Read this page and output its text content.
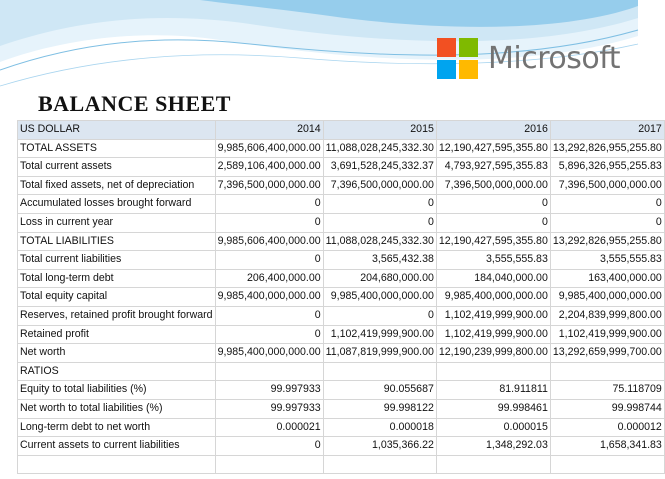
Microsoft
BALANCE SHEET
US DOLLAR	2014	2015	2016	2017
TOTAL ASSETS	9,985,606,400,000.00	11,088,028,245,332.30	12,190,427,595,355.80	13,292,826,955,255.80
Total current assets	2,589,106,400,000.00	3,691,528,245,332.37	4,793,927,595,355.83	5,896,326,955,255.83
Total fixed assets, net of depreciation	7,396,500,000,000.00	7,396,500,000,000.00	7,396,500,000,000.00	7,396,500,000,000.00
Accumulated losses brought forward	0	0	0	0
Loss in current year	0	0	0	0
TOTAL LIABILITIES	9,985,606,400,000.00	11,088,028,245,332.30	12,190,427,595,355.80	13,292,826,955,255.80
Total current liabilities	0	3,565,432.38	3,555,555.83	3,555,555.83
Total long-term debt	206,400,000.00	204,680,000.00	184,040,000.00	163,400,000.00
Total equity capital	9,985,400,000,000.00	9,985,400,000,000.00	9,985,400,000,000.00	9,985,400,000,000.00
Reserves, retained profit brought forward	0	0	1,102,419,999,900.00	2,204,839,999,800.00
Retained profit	0	1,102,419,999,900.00	1,102,419,999,900.00	1,102,419,999,900.00
Net worth	9,985,400,000,000.00	11,087,819,999,900.00	12,190,239,999,800.00	13,292,659,999,700.00
RATIOS				
Equity to total liabilities (%)	99.997933	90.055687	81.911811	75.118709
Net worth to total liabilities (%)	99.997933	99.998122	99.998461	99.998744
Long-term debt to net worth	0.000021	0.000018	0.000015	0.000012
Current assets to current liabilities	0	1,035,366.22	1,348,292.03	1,658,341.83
